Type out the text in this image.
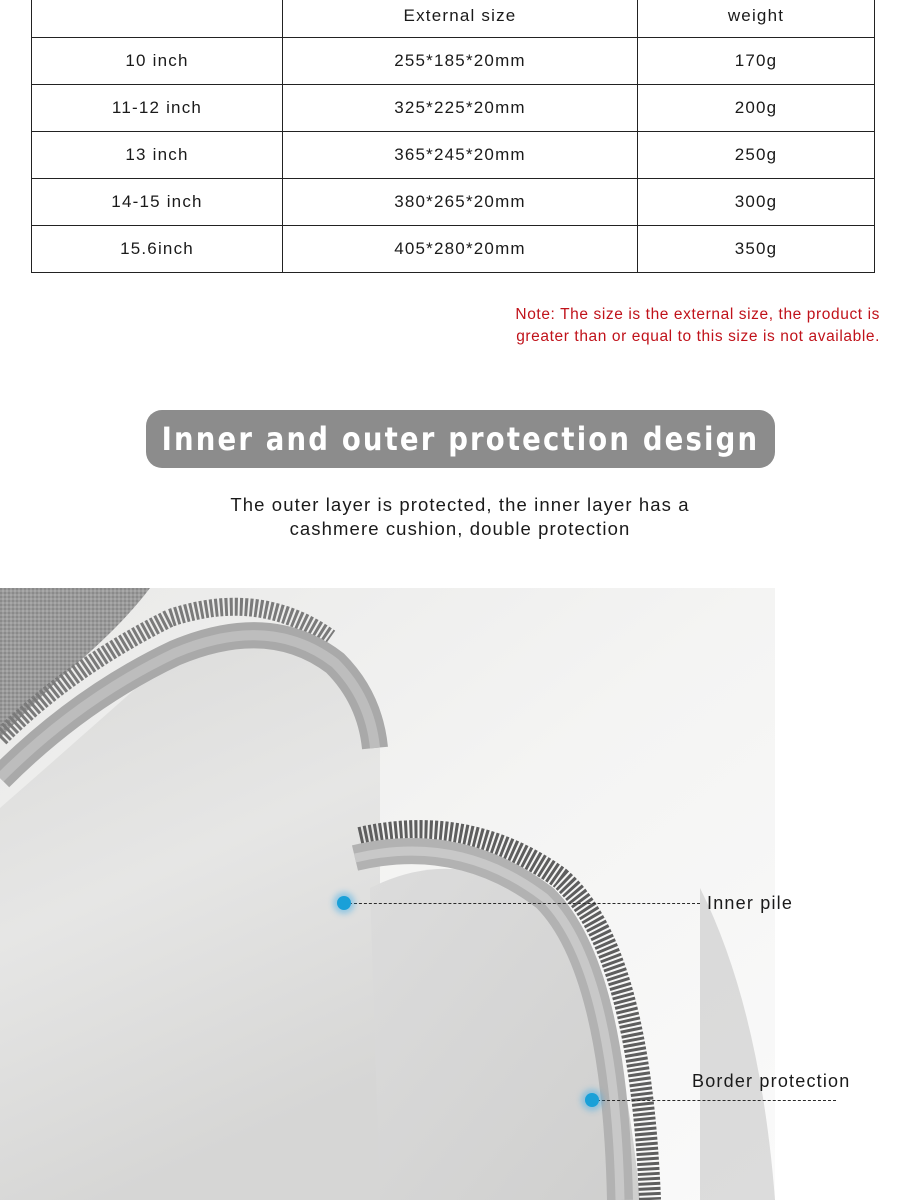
	External size	weight
10 inch	255*185*20mm	170g
11-12 inch	325*225*20mm	200g
13 inch	365*245*20mm	250g
14-15 inch	380*265*20mm	300g
15.6inch	405*280*20mm	350g
Note: The size is the external size, the product is
greater than or equal to this size is not available.
Inner and outer protection design
The outer layer is protected, the inner layer has a
cashmere cushion, double protection
Inner pile
Border protection
